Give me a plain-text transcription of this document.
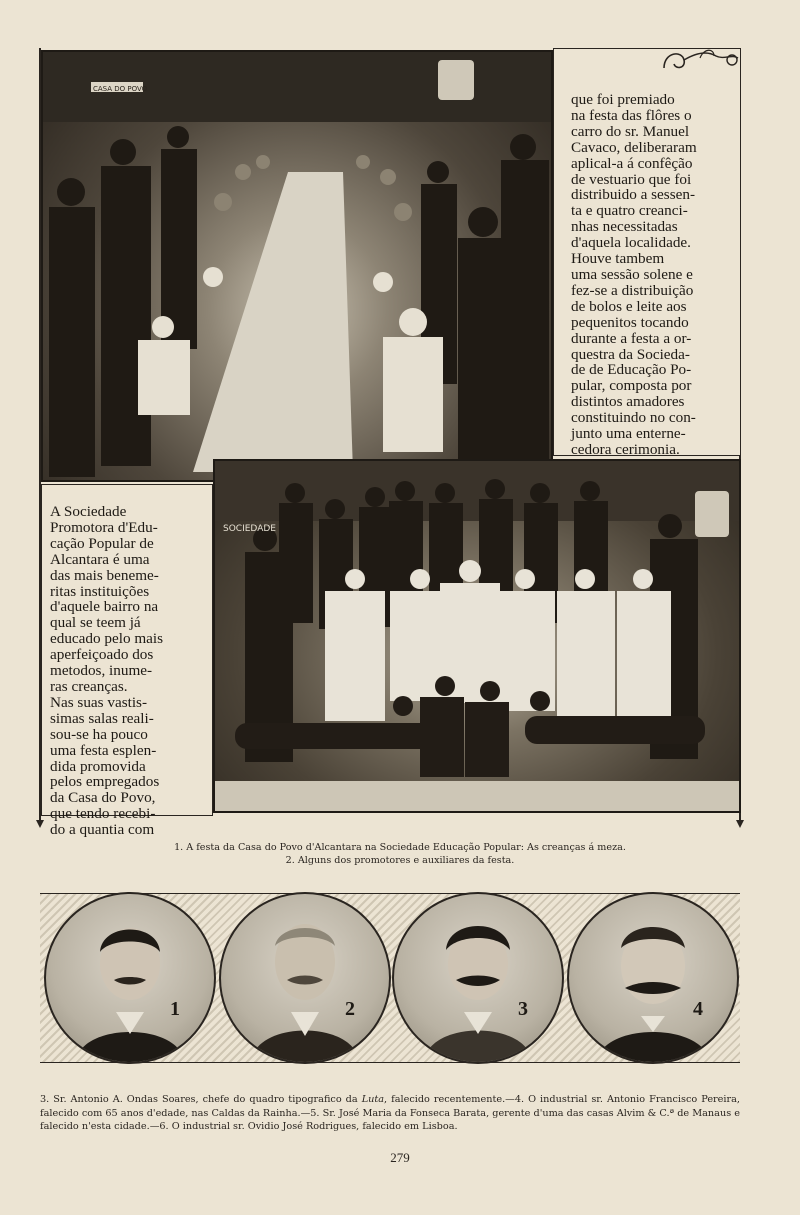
CASA DO POVO
que foi premiado
na festa das flôres o
carro do sr. Manuel
Cavaco, deliberaram
aplical-a á confêção
de vestuario que foi
distribuido a sessen-
ta e quatro creanci-
nhas necessitadas
d'aquela localidade.
Houve tambem
uma sessão solene e
fez-se a distribuição
de bolos e leite aos
pequenitos tocando
durante a festa a or-
questra da Socieda-
de de Educação Po-
pular, composta por
distintos amadores
constituindo no con-
junto uma enterne-
cedora cerimonia.
A Sociedade
Promotora d'Edu-
cação Popular de
Alcantara é uma
das mais beneme-
ritas instituições
d'aquele bairro na
qual se teem já
educado pelo mais
aperfeiçoado dos
metodos, inume-
ras creanças.
Nas suas vastis-
simas salas reali-
sou-se ha pouco
uma festa esplen-
dida promovida
pelos empregados
da Casa do Povo,
que tendo recebi-
do a quantia com
SOCIEDADE
1. A festa da Casa do Povo d'Alcantara na Sociedade Educação Popular: As creanças á meza.
2. Alguns dos promotores e auxiliares da festa.
1	2	3	4
3. Sr. Antonio A. Ondas Soares, chefe do quadro tipografico da Luta, falecido recentemente.—4. O industrial sr. Antonio Francisco Pereira, falecido com 65 anos d'edade, nas Caldas da Rainha.—5. Sr. José Maria da Fonseca Barata, gerente d'uma das casas Alvim & C.ª de Manaus e falecido n'esta cidade.—6. O industrial sr. Ovidio José Rodrigues, falecido em Lisboa.
279
